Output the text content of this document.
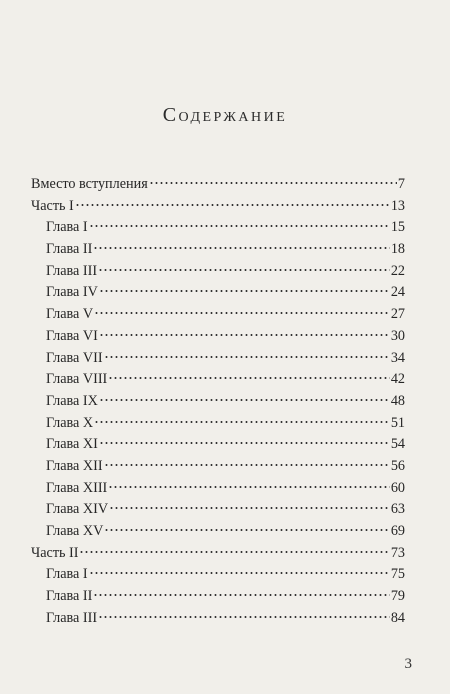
Содержание
Вместо вступления	7
Часть I	13
Глава I	15
Глава II	18
Глава III	22
Глава IV	24
Глава V	27
Глава VI	30
Глава VII	34
Глава VIII	42
Глава IX	48
Глава X	51
Глава XI	54
Глава XII	56
Глава XIII	60
Глава XIV	63
Глава XV	69
Часть II	73
Глава I	75
Глава II	79
Глава III	84
3
